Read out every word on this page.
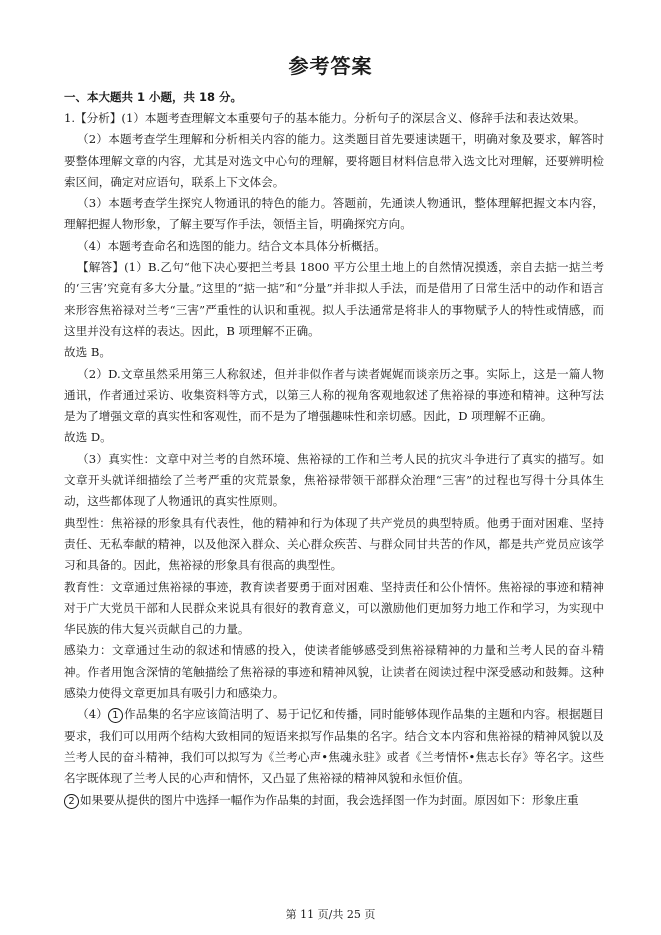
参考答案
一、本大题共 1 小题，共 18 分。

1.【分析】(1）本题考查理解文本重要句子的基本能力。分析句子的深层含义、修辞手法和表达效果。

（2）本题考查学生理解和分析相关内容的能力。这类题目首先要速读题干，明确对象及要求，解答时要整体理解文章的内容，尤其是对选文中心句的理解，要将题目材料信息带入选文比对理解，还要辨明检索区间，确定对应语句，联系上下文体会。

（3）本题考查学生探究人物通讯的特色的能力。答题前，先通读人物通讯，整体理解把握文本内容，理解把握人物形象，了解主要写作手法，领悟主旨，明确探究方向。

（4）本题考查命名和选图的能力。结合文本具体分析概括。

【解答】(1）B.乙句“他下决心要把兰考县 1800 平方公里土地上的自然情况摸透，亲自去掂一掂兰考的‘三害’究竟有多大分量。”这里的“掂一掂”和“分量”并非拟人手法，而是借用了日常生活中的动作和语言来形容焦裕禄对兰考“三害”严重性的认识和重视。拟人手法通常是将非人的事物赋予人的特性或情感，而这里并没有这样的表达。因此，B 项理解不正确。

故选 B。

（2）D.文章虽然采用第三人称叙述，但并非似作者与读者娓娓而谈亲历之事。实际上，这是一篇人物通讯，作者通过采访、收集资料等方式，以第三人称的视角客观地叙述了焦裕禄的事迹和精神。这种写法是为了增强文章的真实性和客观性，而不是为了增强趣味性和亲切感。因此，D 项理解不正确。

故选 D。

（3）真实性：文章中对兰考的自然环境、焦裕禄的工作和兰考人民的抗灾斗争进行了真实的描写。如文章开头就详细描绘了兰考严重的灾荒景象，焦裕禄带领干部群众治理“三害”的过程也写得十分具体生动，这些都体现了人物通讯的真实性原则。

典型性：焦裕禄的形象具有代表性，他的精神和行为体现了共产党员的典型特质。他勇于面对困难、坚持责任、无私奉献的精神，以及他深入群众、关心群众疾苦、与群众同甘共苦的作风，都是共产党员应该学习和具备的。因此，焦裕禄的形象具有很高的典型性。

教育性：文章通过焦裕禄的事迹，教育读者要勇于面对困难、坚持责任和公仆情怀。焦裕禄的事迹和精神对于广大党员干部和人民群众来说具有很好的教育意义，可以激励他们更加努力地工作和学习，为实现中华民族的伟大复兴贡献自己的力量。

感染力：文章通过生动的叙述和情感的投入，使读者能够感受到焦裕禄精神的力量和兰考人民的奋斗精神。作者用饱含深情的笔触描绘了焦裕禄的事迹和精神风貌，让读者在阅读过程中深受感动和鼓舞。这种感染力使得文章更加具有吸引力和感染力。

（4） 1 作品集的名字应该简洁明了、易于记忆和传播，同时能够体现作品集的主题和内容。根据题目要求，我们可以用两个结构大致相同的短语来拟写作品集的名字。结合文本内容和焦裕禄的精神风貌以及兰考人民的奋斗精神，我们可以拟写为《兰考心声•焦魂永驻》或者《兰考情怀•焦志长存》等名字。这些名字既体现了兰考人民的心声和情怀，又凸显了焦裕禄的精神风貌和永恒价值。

2 如果要从提供的图片中选择一幅作为作品集的封面，我会选择图一作为封面。原因如下：形象庄重

第 11 页/共 25 页
